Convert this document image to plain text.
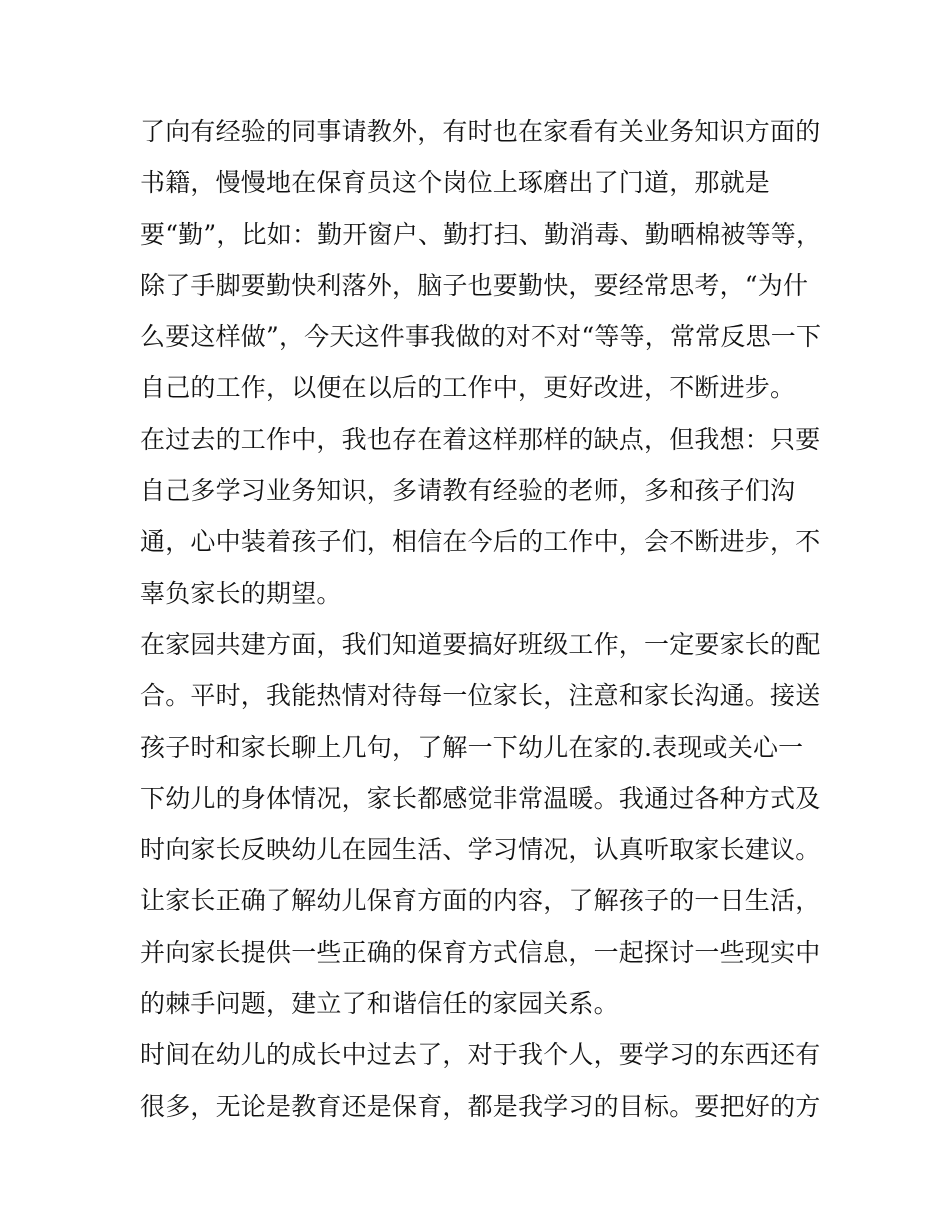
了向有经验的同事请教外，有时也在家看有关业务知识方面的
书籍，慢慢地在保育员这个岗位上琢磨出了门道，那就是
要“勤”，比如：勤开窗户、勤打扫、勤消毒、勤晒棉被等等，
除了手脚要勤快利落外，脑子也要勤快，要经常思考，“为什
么要这样做”，今天这件事我做的对不对“等等，常常反思一下
自己的工作，以便在以后的工作中，更好改进，不断进步。
在过去的工作中，我也存在着这样那样的缺点，但我想：只要
自己多学习业务知识，多请教有经验的老师，多和孩子们沟
通，心中装着孩子们，相信在今后的工作中，会不断进步，不
辜负家长的期望。
在家园共建方面，我们知道要搞好班级工作，一定要家长的配
合。平时，我能热情对待每一位家长，注意和家长沟通。接送
孩子时和家长聊上几句，了解一下幼儿在家的.表现或关心一
下幼儿的身体情况，家长都感觉非常温暖。我通过各种方式及
时向家长反映幼儿在园生活、学习情况，认真听取家长建议。
让家长正确了解幼儿保育方面的内容，了解孩子的一日生活，
并向家长提供一些正确的保育方式信息，一起探讨一些现实中
的棘手问题，建立了和谐信任的家园关系。
时间在幼儿的成长中过去了，对于我个人，要学习的东西还有
很多，无论是教育还是保育，都是我学习的目标。要把好的方
